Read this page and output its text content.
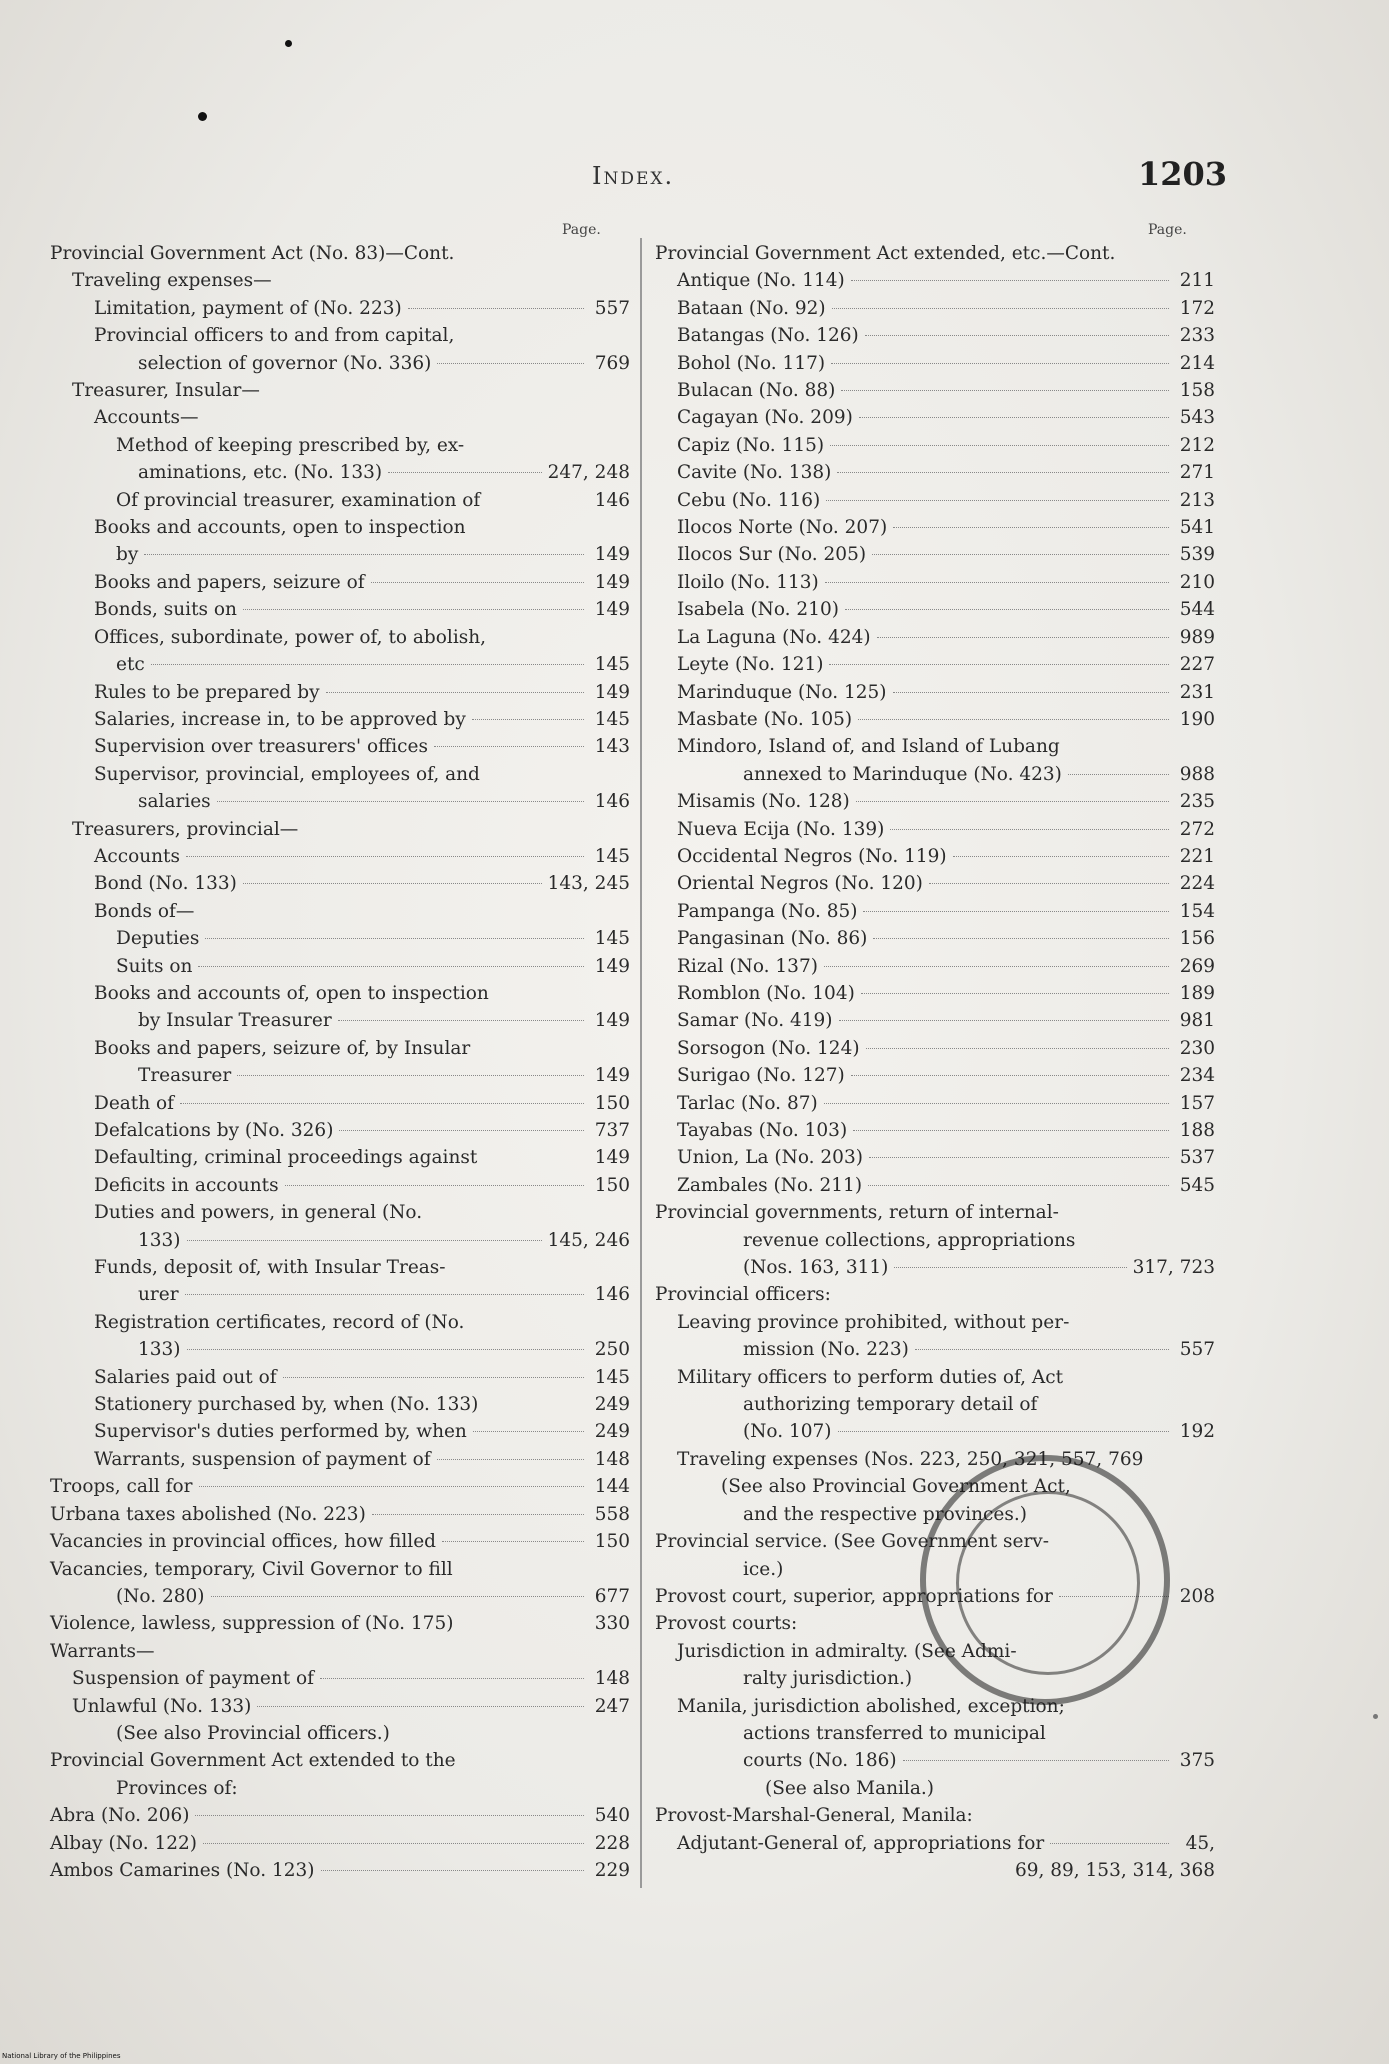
Index.	1203
Page.	Page.
Provincial Government Act (No. 83)—Cont.
Traveling expenses—
Limitation, payment of (No. 223)	557
Provincial officers to and from capital,
selection of governor (No. 336)	769
Treasurer, Insular—
Accounts—
Method of keeping prescribed by, ex-
aminations, etc. (No. 133)	247, 248
Of provincial treasurer, examination of	146
Books and accounts, open to inspection
by	149
Books and papers, seizure of	149
Bonds, suits on	149
Offices, subordinate, power of, to abolish,
etc	145
Rules to be prepared by	149
Salaries, increase in, to be approved by	145
Supervision over treasurers' offices	143
Supervisor, provincial, employees of, and
salaries	146
Treasurers, provincial—
Accounts	145
Bond (No. 133)	143, 245
Bonds of—
Deputies	145
Suits on	149
Books and accounts of, open to inspection
by Insular Treasurer	149
Books and papers, seizure of, by Insular
Treasurer	149
Death of	150
Defalcations by (No. 326)	737
Defaulting, criminal proceedings against	149
Deficits in accounts	150
Duties and powers, in general (No.
133)	145, 246
Funds, deposit of, with Insular Treas-
urer	146
Registration certificates, record of (No.
133)	250
Salaries paid out of	145
Stationery purchased by, when (No. 133)	249
Supervisor's duties performed by, when	249
Warrants, suspension of payment of	148
Troops, call for	144
Urbana taxes abolished (No. 223)	558
Vacancies in provincial offices, how filled	150
Vacancies, temporary, Civil Governor to fill
(No. 280)	677
Violence, lawless, suppression of (No. 175)	330
Warrants—
Suspension of payment of	148
Unlawful (No. 133)	247
(See also Provincial officers.)
Provincial Government Act extended to the
Provinces of:
Abra (No. 206)	540
Albay (No. 122)	228
Ambos Camarines (No. 123)	229
Provincial Government Act extended, etc.—Cont.
Antique (No. 114)	211
Bataan (No. 92)	172
Batangas (No. 126)	233
Bohol (No. 117)	214
Bulacan (No. 88)	158
Cagayan (No. 209)	543
Capiz (No. 115)	212
Cavite (No. 138)	271
Cebu (No. 116)	213
Ilocos Norte (No. 207)	541
Ilocos Sur (No. 205)	539
Iloilo (No. 113)	210
Isabela (No. 210)	544
La Laguna (No. 424)	989
Leyte (No. 121)	227
Marinduque (No. 125)	231
Masbate (No. 105)	190
Mindoro, Island of, and Island of Lubang
annexed to Marinduque (No. 423)	988
Misamis (No. 128)	235
Nueva Ecija (No. 139)	272
Occidental Negros (No. 119)	221
Oriental Negros (No. 120)	224
Pampanga (No. 85)	154
Pangasinan (No. 86)	156
Rizal (No. 137)	269
Romblon (No. 104)	189
Samar (No. 419)	981
Sorsogon (No. 124)	230
Surigao (No. 127)	234
Tarlac (No. 87)	157
Tayabas (No. 103)	188
Union, La (No. 203)	537
Zambales (No. 211)	545
Provincial governments, return of internal-
revenue collections, appropriations
(Nos. 163, 311)	317, 723
Provincial officers:
Leaving province prohibited, without per-
mission (No. 223)	557
Military officers to perform duties of, Act
authorizing temporary detail of
(No. 107)	192
Traveling expenses (Nos. 223, 250, 321, 557, 769
(See also Provincial Government Act,
and the respective provinces.)
Provincial service. (See Government serv-
ice.)
Provost court, superior, appropriations for	208
Provost courts:
Jurisdiction in admiralty. (See Admi-
ralty jurisdiction.)
Manila, jurisdiction abolished, exception;
actions transferred to municipal
courts (No. 186)	375
(See also Manila.)
Provost-Marshal-General, Manila:
Adjutant-General of, appropriations for	45,
69, 89, 153, 314, 368
National Library of the Philippines
